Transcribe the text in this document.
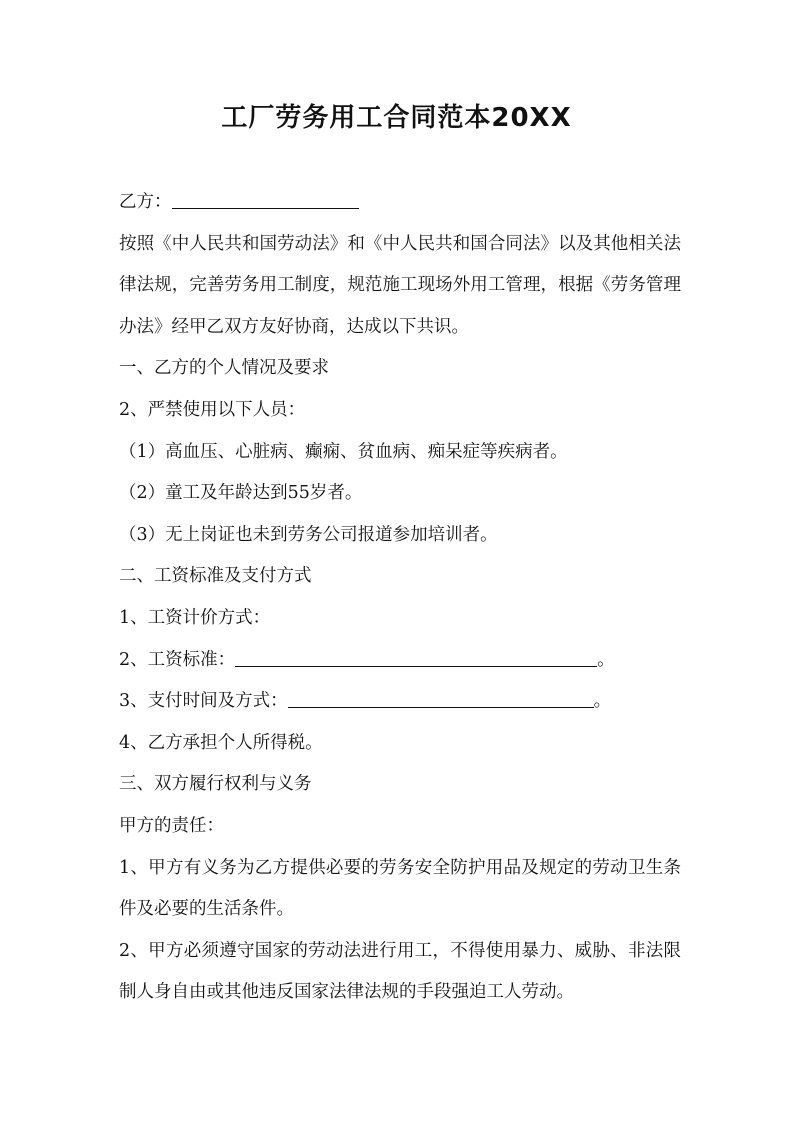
工厂劳务用工合同范本20XX
乙方：
按照《中人民共和国劳动法》和《中人民共和国合同法》以及其他相关法律法规，完善劳务用工制度，规范施工现场外用工管理，根据《劳务管理办法》经甲乙双方友好协商，达成以下共识。
一、乙方的个人情况及要求
2、严禁使用以下人员：
（1）高血压、心脏病、癫痫、贫血病、痴呆症等疾病者。
（2）童工及年龄达到55岁者。
（3）无上岗证也未到劳务公司报道参加培训者。
二、工资标准及支付方式
1、工资计价方式：
2、工资标准：	。
3、支付时间及方式：	。
4、乙方承担个人所得税。
三、双方履行权利与义务
甲方的责任：
1、甲方有义务为乙方提供必要的劳务安全防护用品及规定的劳动卫生条件及必要的生活条件。
2、甲方必须遵守国家的劳动法进行用工，不得使用暴力、威胁、非法限制人身自由或其他违反国家法律法规的手段强迫工人劳动。
